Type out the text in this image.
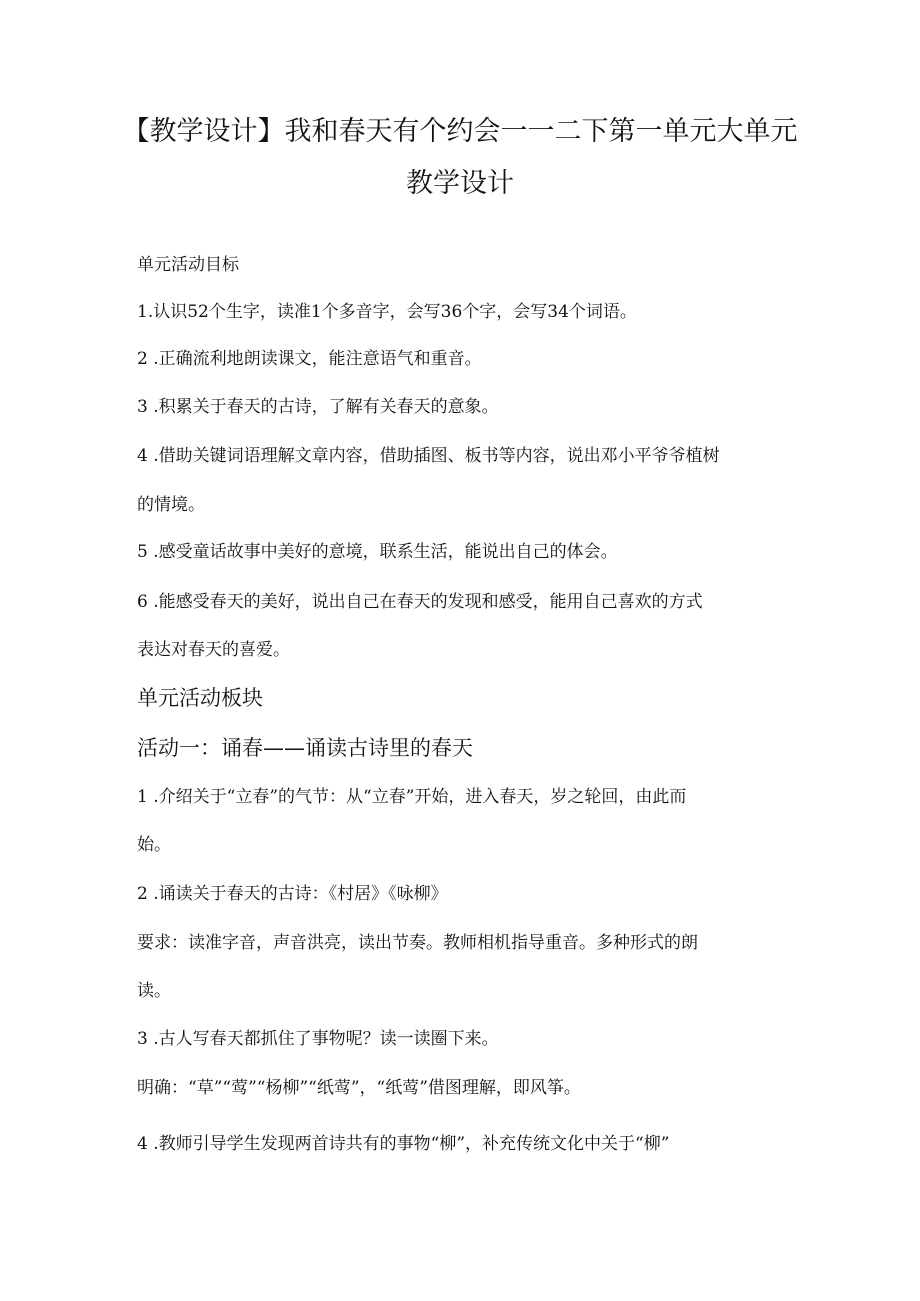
【教学设计】我和春天有个约会一一二下第一单元大单元
教学设计
单元活动目标
1.认识52个生字，读准1个多音字，会写36个字，会写34个词语。
2 .正确流利地朗读课文，能注意语气和重音。
3 .积累关于春天的古诗，了解有关春天的意象。
4 .借助关键词语理解文章内容，借助插图、板书等内容，说出邓小平爷爷植树
的情境。
5 .感受童话故事中美好的意境，联系生活，能说出自己的体会。
6 .能感受春天的美好，说出自己在春天的发现和感受，能用自己喜欢的方式
表达对春天的喜爱。
单元活动板块
活动一：诵春——诵读古诗里的春天
1 .介绍关于“立春”的气节：从“立春”开始，进入春天，岁之轮回，由此而
始。
2 .诵读关于春天的古诗：《村居》《咏柳》
要求：读准字音，声音洪亮，读出节奏。教师相机指导重音。多种形式的朗
读。
3 .古人写春天都抓住了事物呢？读一读圈下来。
明确：“草”“莺”“杨柳”“纸莺”，“纸莺”借图理解，即风筝。
4 .教师引导学生发现两首诗共有的事物“柳”，补充传统文化中关于“柳”
